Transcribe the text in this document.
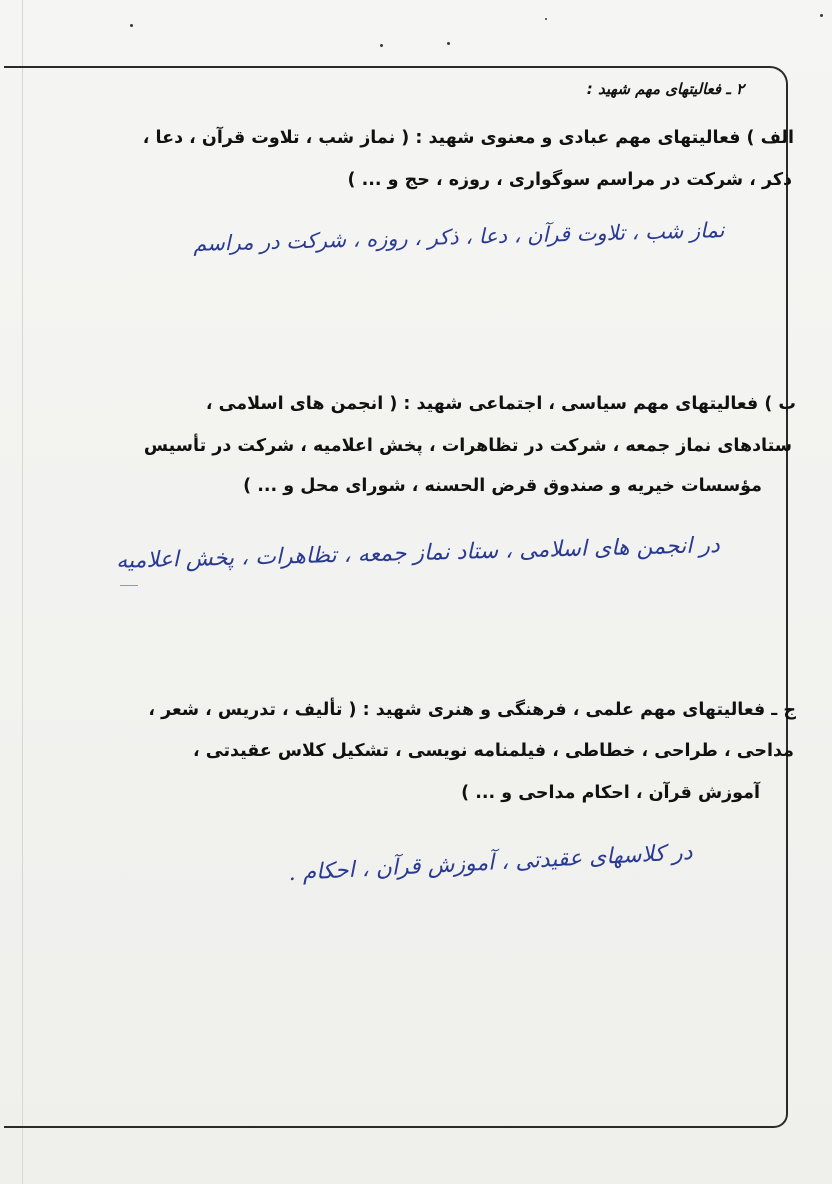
۲ ـ فعالیتهای مهم شهید :
الف ) فعالیتهای مهم عبادی و معنوی شهید : ( نماز شب ، تلاوت قرآن ، دعا ،
ذکر ، شرکت در مراسم سوگواری ، روزه ، حج و ... )
نماز شب ، تلاوت قرآن ، دعا ، ذکر ، روزه ، شرکت در مراسم
ب ) فعالیتهای مهم سیاسی ، اجتماعی شهید : ( انجمن های اسلامی ،
ستادهای نماز جمعه ، شرکت در تظاهرات ، پخش اعلامیه ، شرکت در تأسیس
مؤسسات خیریه و صندوق قرض الحسنه ، شورای محل و ... )
در انجمن های اسلامی ، ستاد نماز جمعه ، تظاهرات ، پخش اعلامیه
ج ـ فعالیتهای مهم علمی ، فرهنگی و هنری شهید : ( تألیف ، تدریس ، شعر ،
مداحی ، طراحی ، خطاطی ، فیلمنامه نویسی ، تشکیل کلاس عقیدتی ،
آموزش قرآن ، احکام مداحی و ... )
در کلاسهای عقیدتی ، آموزش قرآن ، احکام .
